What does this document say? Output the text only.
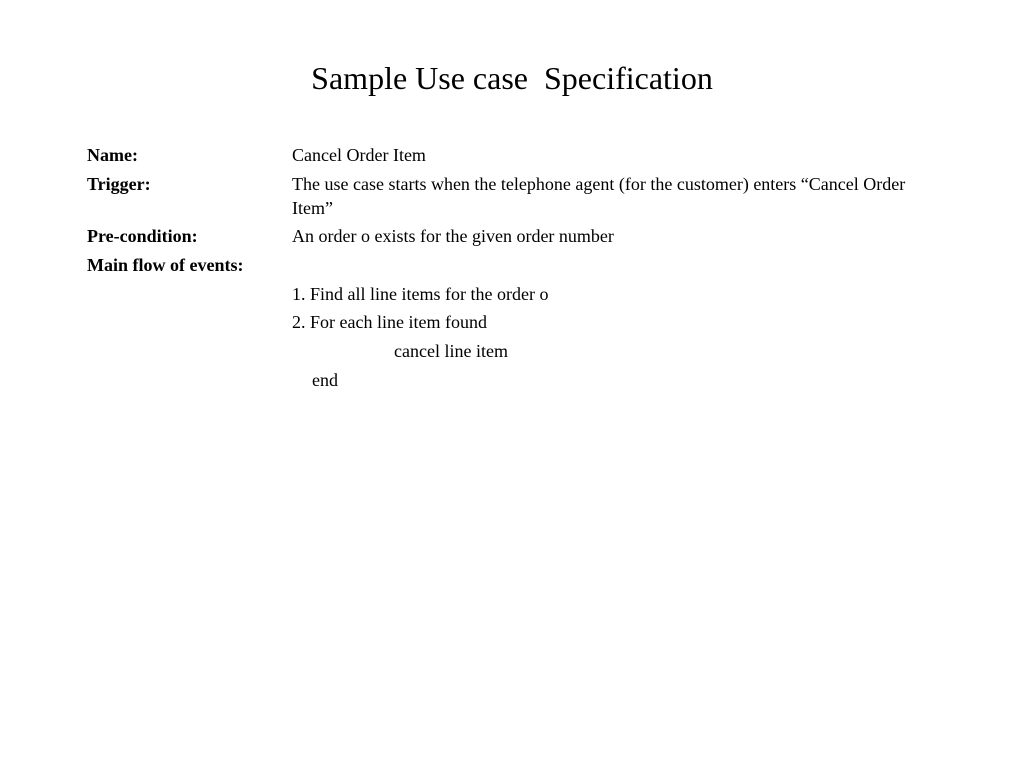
Sample Use case  Specification
Name:	Cancel Order Item
Trigger:	The use case starts when the telephone agent (for the customer) enters “Cancel Order Item”
Pre-condition:	An order o exists for the given order number
Main flow of events:
1. Find all line items for the order o
2. For each line item found
cancel line item
end
